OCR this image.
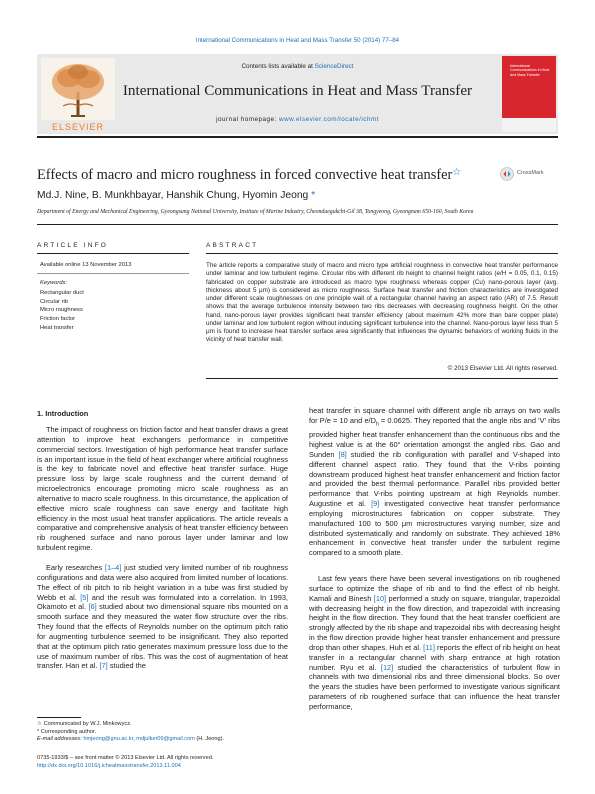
International Communications in Heat and Mass Transfer 50 (2014) 77–84
ELSEVIER
Contents lists available at ScienceDirect
International Communications in Heat and Mass Transfer
journal homepage: www.elsevier.com/locate/ichmt
International Communications in Heat and Mass Transfer
Effects of macro and micro roughness in forced convective heat transfer☆	CrossMark
Md.J. Nine, B. Munkhbayar, Hanshik Chung, Hyomin Jeong *
Department of Energy and Mechanical Engineering, Gyeongsang National University, Institute of Marine Industry, Cheondaegukchi-Gil 38, Tongyeong, Gyeongnam 650-160, South Korea
ARTICLE INFO
Available online 13 November 2013
Keywords:
Rectangular duct
Circular rib
Micro roughness
Friction factor
Heat transfer
ABSTRACT
The article reports a comparative study of macro and micro type artificial roughness in convective heat transfer performance under laminar and low turbulent regime. Circular ribs with different rib height to channel height ratios (e/H = 0.05, 0.1, 0.15) fabricated on copper substrate are introduced as macro type roughness whereas copper (Cu) nano-porous layer (avg. thickness about 5 μm) is considered as micro roughness. Surface heat transfer and friction characteristics are investigated under different scale roughnesses on one principle wall of a rectangular channel having an aspect ratio (AR) of 7.5. Result shows that the average turbulence intensity between two ribs decreases with decreasing roughness height. On the other hand, nano-porous layer provides significant heat transfer efficiency (about maximum 42% more than bare copper plate) under laminar and low turbulent region without inducing significant turbulence into the channel. Nano-porous layer less than 5 μm is found to increase heat transfer surface area significantly that influences the dynamic behaviors of working fluids in the vicinity of heat transfer wall.
© 2013 Elsevier Ltd. All rights reserved.
1. Introduction

The impact of roughness on friction factor and heat transfer draws a great attention to improve heat exchangers performance in competitive commercial sectors. Investigation of high performance heat transfer surface is an important issue in the field of heat exchanger where artificial roughness is the key to fabricate novel and effective heat transfer surface. Huge pressure loss by large scale roughness and the current demand of microelectronics encourage promoting micro scale roughness as an alternative to macro scale roughness. In this circumstance, the application of effective micro scale roughness can save energy and facilitate high efficiency in the most usual heat transfer applications. The article reveals a comparative and comprehensive analysis of heat transfer efficiency between rib roughened surface and nano porous layer under laminar and low turbulent regime.

Early researches [1–4] just studied very limited number of rib roughness configurations and data were also acquired from limited number of locations. The effect of rib pitch to rib height variation in a tube was first studied by Webb et al. [5] and the result was formulated into a correlation. In 1993, Okamoto et al. [6] studied about two dimensional square ribs mounted on a smooth surface and they measured the water flow structure over the ribs. They found that the effects of Reynolds number on the optimum pitch ratio for augmenting turbulence seemed to be insignificant. They also reported that at the optimum pitch ratio generates maximum pressure loss due to the use of maximum number of ribs. This was the cost of augmentation of heat transfer. Han et al. [7] studied the

heat transfer in square channel with different angle rib arrays on two walls for P/e = 10 and $e/D_h = 0.0625$. They reported that the angle ribs and 'V' ribs provided higher heat transfer enhancement than the continuous ribs and the highest value is at the 60° orientation amongst the angled ribs. Gao and Sunden [8] studied the rib configuration with parallel and V-shaped into different channel aspect ratio. They found that the V-ribs pointing downstream produced highest heat transfer enhancement and friction factor and provided the best thermal performance. Parallel ribs provided better performance that V-ribs pointing upstream at high Reynolds number. Augustine et al. [9] investigated convective heat transfer performance employing microstructures fabrication on copper substrate. They manufactured 100 to 500 μm microstructures varying number, size and distributed systematically and randomly on substrate. They achieved 18% enhancement in convective heat transfer under the turbulent regime compared to a smooth plate.

Last few years there have been several investigations on rib roughened surface to optimize the shape of rib and to find the effect of rib height. Kamali and Binesh [10] performed a study on square, triangular, trapezoidal with decreasing height in the flow direction, and trapezoidal with increasing height in the flow direction. They found that the heat transfer coefficient are strongly affected by the rib shape and trapezoidal ribs with decreasing height in the flow direction provide higher heat transfer enhancement and pressure drop than other shapes. Huh et al. [11] reports the effect of rib height on heat transfer in a rectangular channel with sharp entrance at high rotation number. Ryu et al. [12] studied the characteristics of turbulent flow in channels with two dimensional ribs and three dimensional blocks. So over the years the studies have been performed to investigate various significant parameters of rib roughened surface that can influence the heat transfer performance,

☆ Communicated by W.J. Minkowycz.
* Corresponding author.
E-mail addresses: hmjeong@gnu.ac.kr, mdjulker09@gmail.com (H. Jeong).
0735-1933/$ – see front matter © 2013 Elsevier Ltd. All rights reserved.
http://dx.doi.org/10.1016/j.icheatmasstransfer.2013.11.004
